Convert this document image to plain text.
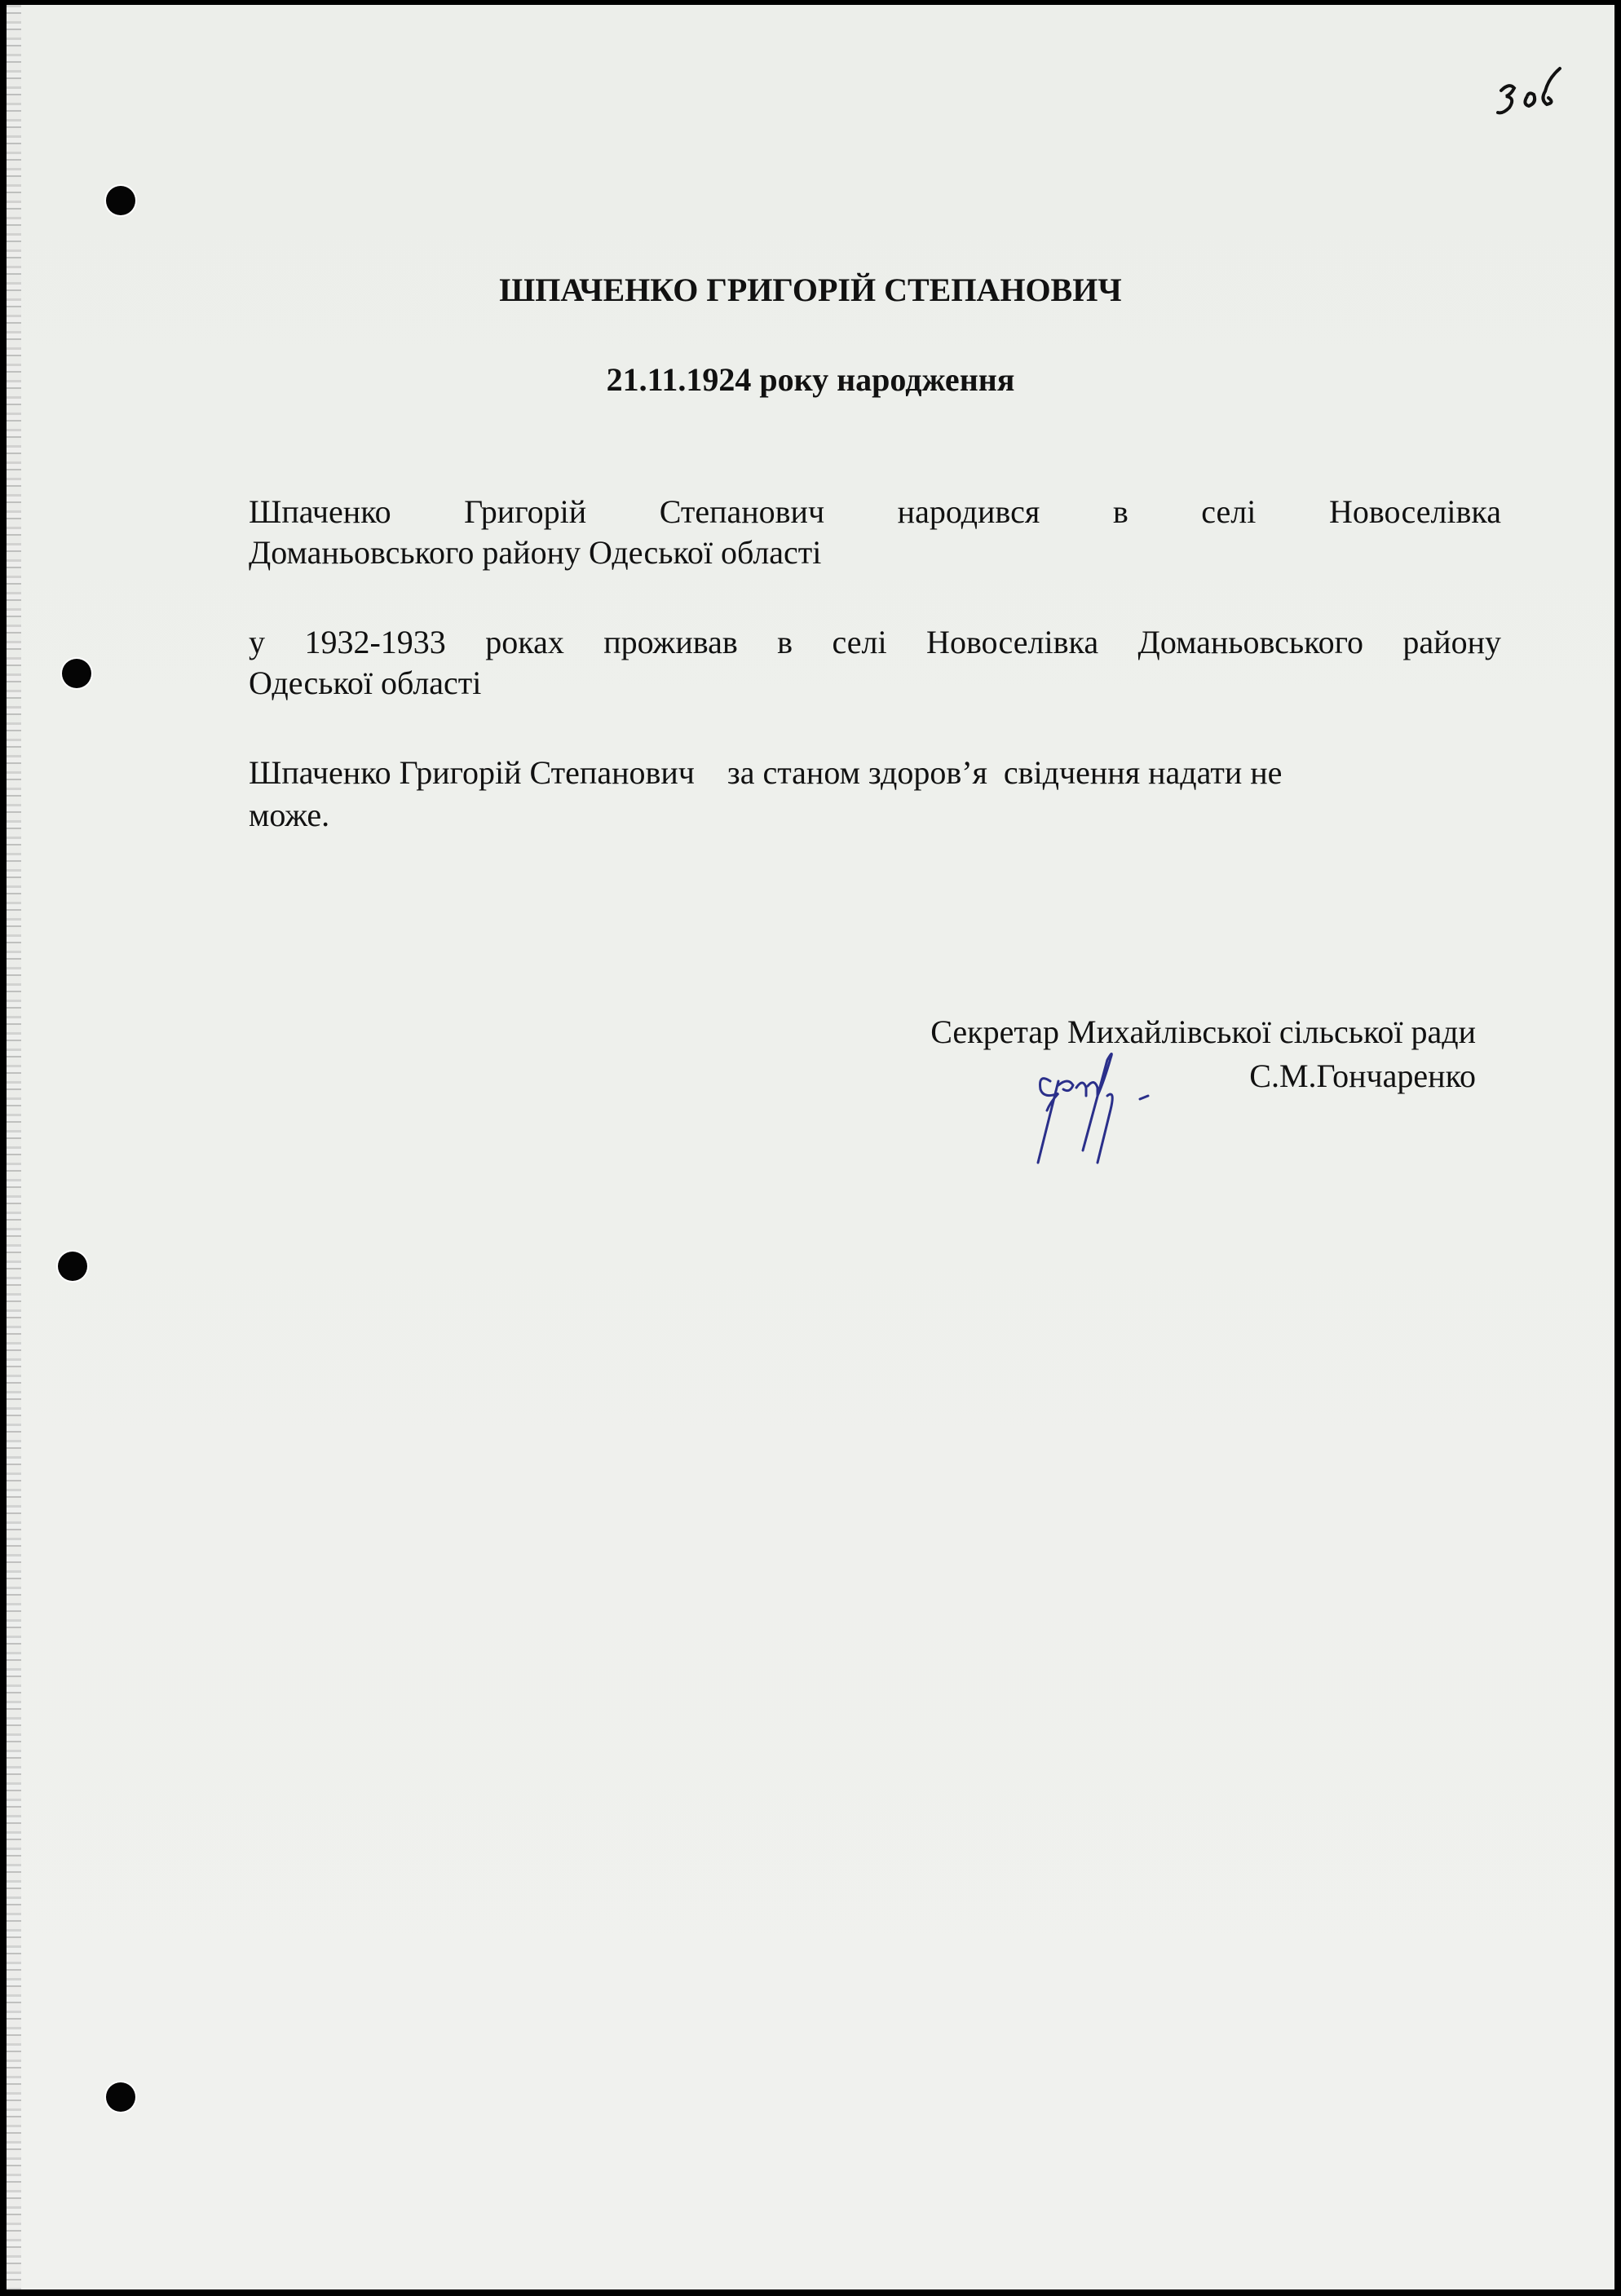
ШПАЧЕНКО ГРИГОРІЙ СТЕПАНОВИЧ
21.11.1924 року народження
Шпаченко Григорій Степанович народився в селі Новоселівка
Доманьовського району Одеської області
у 1932-1933 роках проживав в селі Новоселівка Доманьовського району
Одеської області
Шпаченко Григорій Степанович    за станом здоров’я  свідчення надати не
може.
Секретар Михайлівської сільської ради
С.М.Гончаренко
